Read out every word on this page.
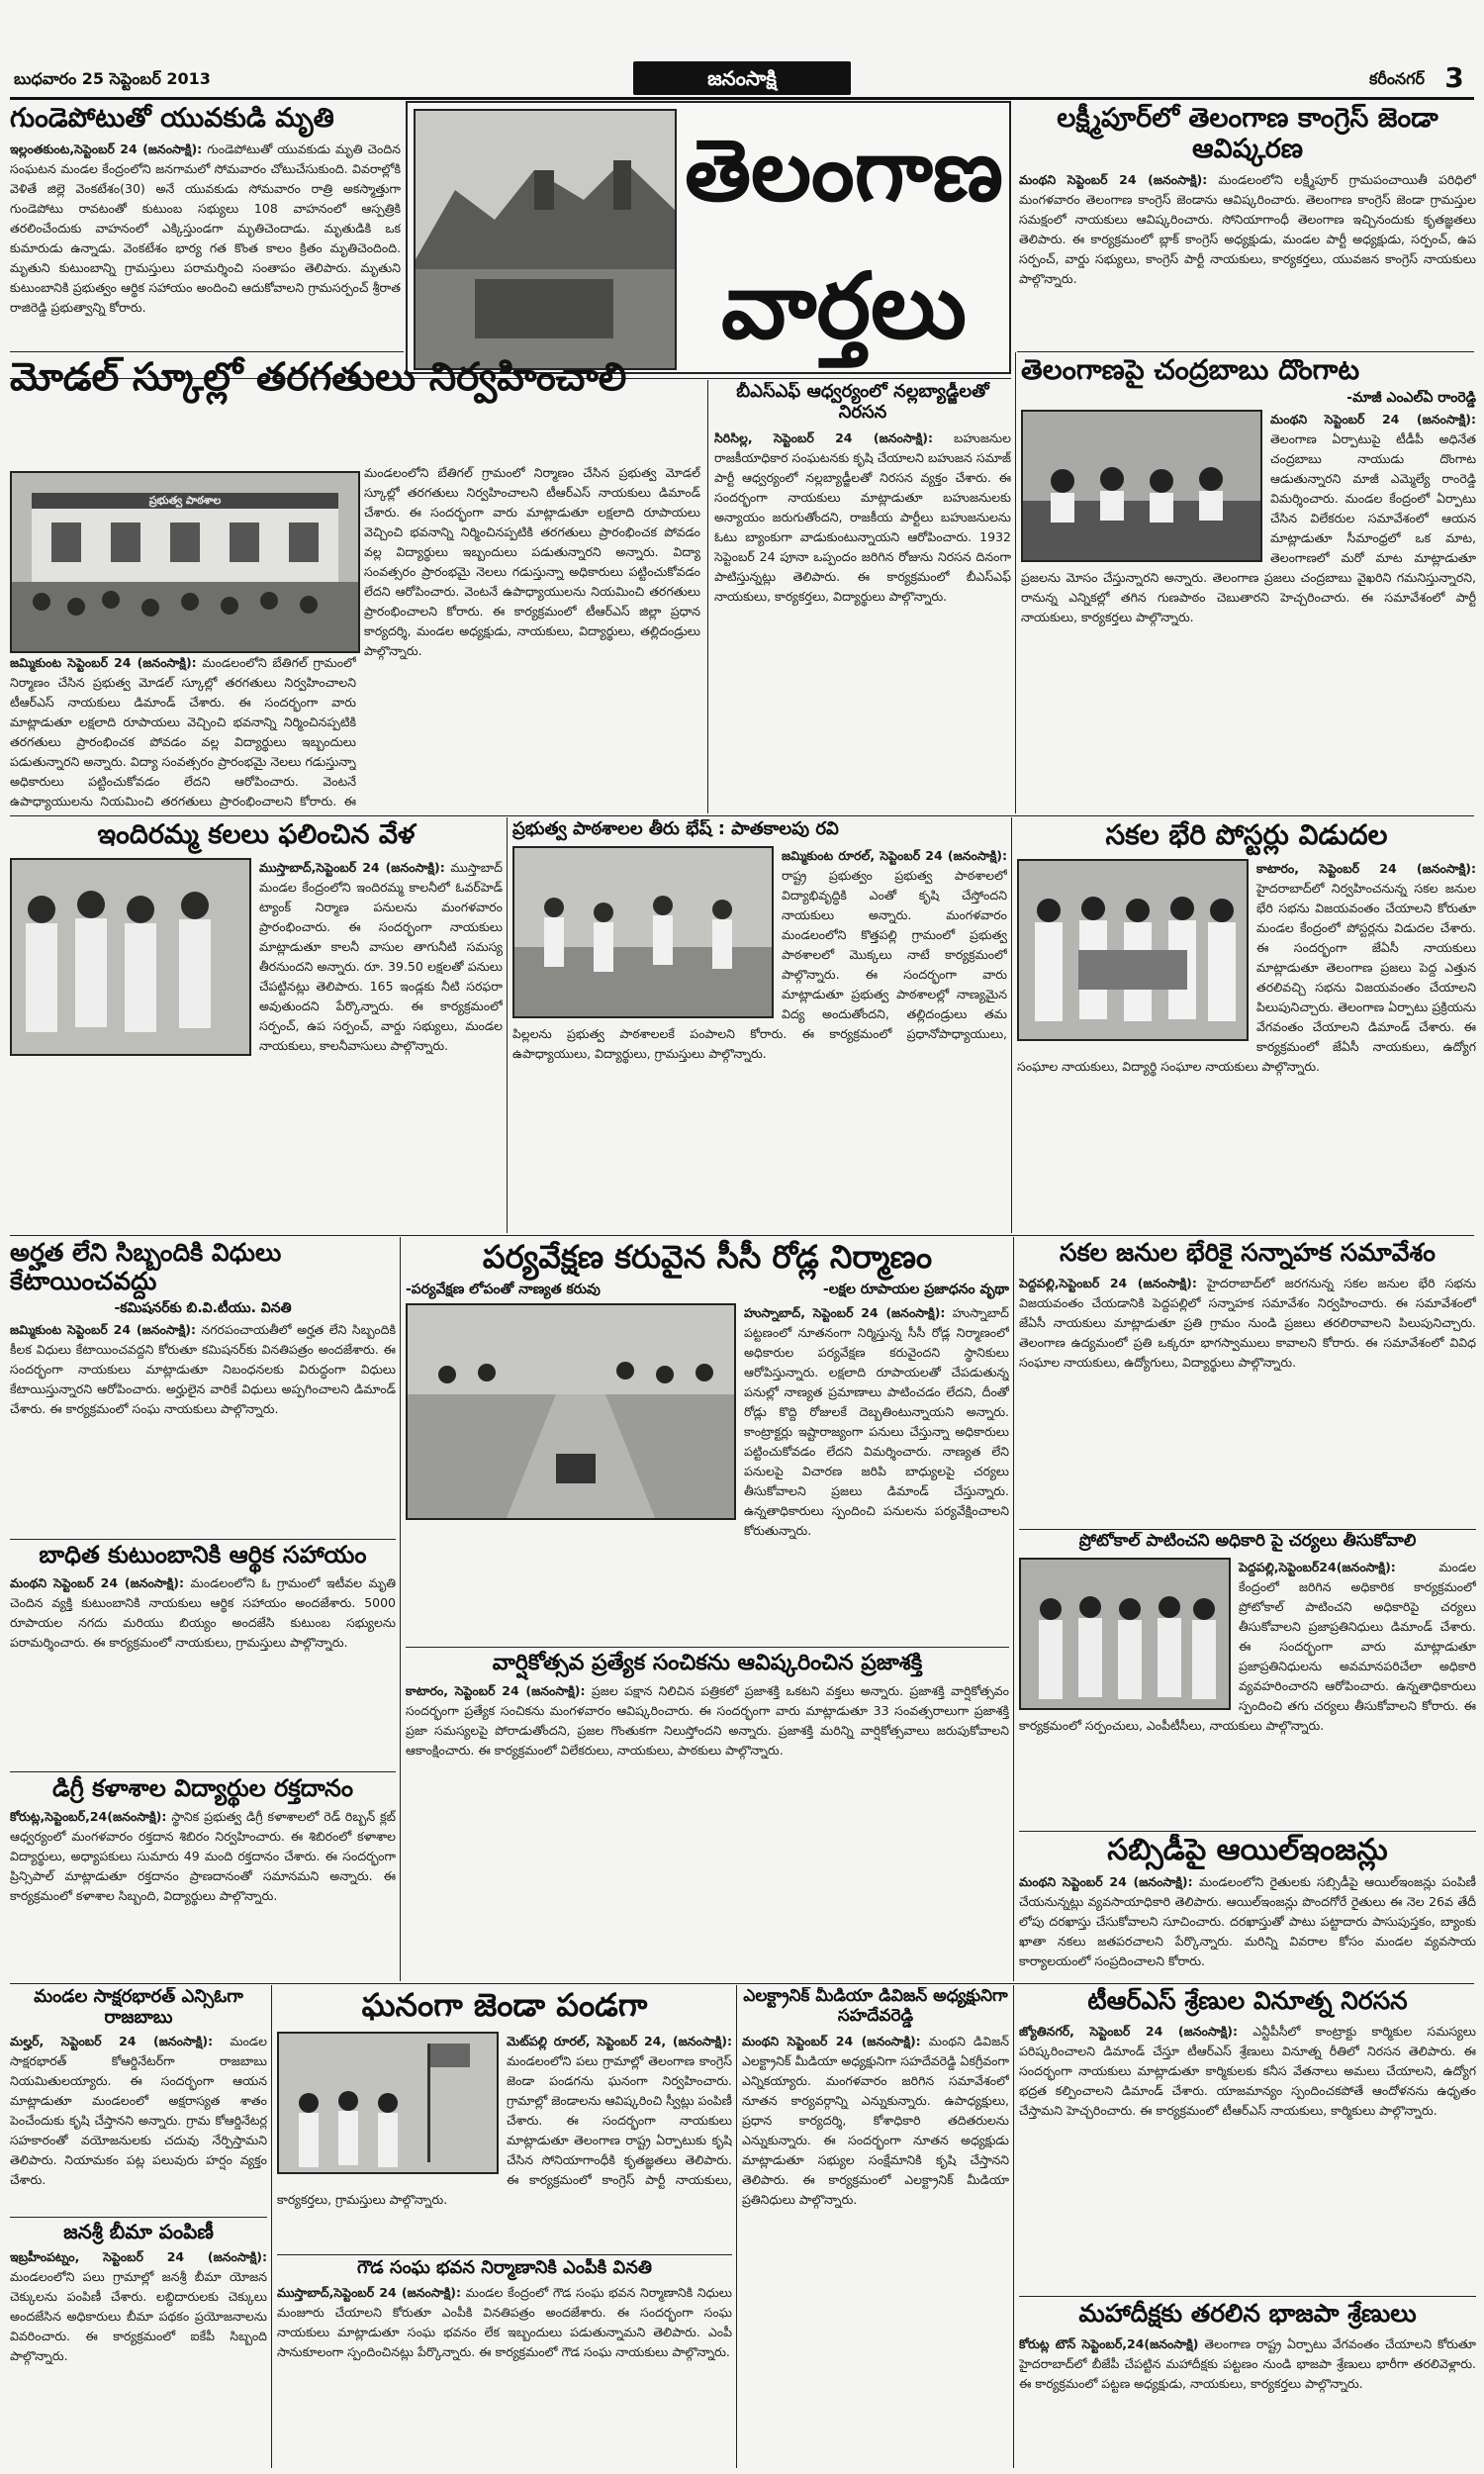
బుధవారం 25 సెప్టెంబర్ 2013	జనంసాక్షి	కరీంనగర్ 3
గుండెపోటుతో యువకుడి మృతి
ఇల్లంతకుంట,సెప్టెంబర్ 24 (జనంసాక్షి): గుండెపోటుతో యువకుడు మృతి చెందిన సంఘటన మండల కేంద్రంలోని జనగామలో సోమవారం చోటుచేసుకుంది. వివరాల్లోకి వెళితే జిల్లె వెంకటేశం(30) అనే యువకుడు సోమవారం రాత్రి అకస్మాత్తుగా గుండెపోటు రావటంతో కుటుంబ సభ్యులు 108 వాహనంలో ఆస్పత్రికి తరలించేందుకు వాహనంలో ఎక్కిస్తుండగా మృతిచెందాడు. మృతుడికి ఒక కుమారుడు ఉన్నాడు. వెంకటేశం భార్య గత కొంత కాలం క్రితం మృతిచెందింది. మృతుని కుటుంబాన్ని గ్రామస్తులు పరామర్శించి సంతాపం తెలిపారు. మృతుని కుటుంబానికి ప్రభుత్వం ఆర్థిక సహాయం అందించి ఆదుకోవాలని గ్రామసర్పంచ్ శ్రీరాత రాజిరెడ్డి ప్రభుత్వాన్ని కోరారు.
తెలంగాణ
వార్తలు
లక్ష్మీపూర్‌లో తెలంగాణ కాంగ్రెస్ జెండా ఆవిష్కరణ
మంథని సెప్టెంబర్ 24 (జనంసాక్షి): మండలంలోని లక్ష్మీపూర్ గ్రామపంచాయితీ పరిధిలో మంగళవారం తెలంగాణ కాంగ్రెస్ జెండాను ఆవిష్కరించారు. తెలంగాణ కాంగ్రెస్ జెండా గ్రామస్తుల సమక్షంలో నాయకులు ఆవిష్కరించారు. సోనియాగాంధీ తెలంగాణ ఇచ్చినందుకు కృతజ్ఞతలు తెలిపారు. ఈ కార్యక్రమంలో బ్లాక్ కాంగ్రెస్ అధ్యక్షుడు, మండల పార్టీ అధ్యక్షుడు, సర్పంచ్, ఉప సర్పంచ్, వార్డు సభ్యులు, కాంగ్రెస్ పార్టీ నాయకులు, కార్యకర్తలు, యువజన కాంగ్రెస్ నాయకులు పాల్గొన్నారు.
మోడల్ స్కూల్లో తరగతులు నిర్వహించాలి
ప్రభుత్వ పాఠశాల
జమ్మికుంట సెప్టెంబర్ 24 (జనంసాక్షి): మండలంలోని బేతిగల్ గ్రామంలో నిర్మాణం చేసిన ప్రభుత్వ మోడల్ స్కూల్లో తరగతులు నిర్వహించాలని టీఆర్ఎస్ నాయకులు డిమాండ్ చేశారు. ఈ సందర్భంగా వారు మాట్లాడుతూ లక్షలాది రూపాయలు వెచ్చించి భవనాన్ని నిర్మించినప్పటికి తరగతులు ప్రారంభించక పోవడం వల్ల విద్యార్థులు ఇబ్బందులు పడుతున్నారని అన్నారు. విద్యా సంవత్సరం ప్రారంభమై నెలలు గడుస్తున్నా అధికారులు పట్టించుకోవడం లేదని ఆరోపించారు. వెంటనే ఉపాధ్యాయులను నియమించి తరగతులు ప్రారంభించాలని కోరారు. ఈ
మండలంలోని బేతిగల్ గ్రామంలో నిర్మాణం చేసిన ప్రభుత్వ మోడల్ స్కూల్లో తరగతులు నిర్వహించాలని టీఆర్ఎస్ నాయకులు డిమాండ్ చేశారు. ఈ సందర్భంగా వారు మాట్లాడుతూ లక్షలాది రూపాయలు వెచ్చించి భవనాన్ని నిర్మించినప్పటికి తరగతులు ప్రారంభించక పోవడం వల్ల విద్యార్థులు ఇబ్బందులు పడుతున్నారని అన్నారు. విద్యా సంవత్సరం ప్రారంభమై నెలలు గడుస్తున్నా అధికారులు పట్టించుకోవడం లేదని ఆరోపించారు. వెంటనే ఉపాధ్యాయులను నియమించి తరగతులు ప్రారంభించాలని కోరారు. ఈ కార్యక్రమంలో టీఆర్ఎస్ జిల్లా ప్రధాన కార్యదర్శి, మండల అధ్యక్షుడు, నాయకులు, విద్యార్థులు, తల్లిదండ్రులు పాల్గొన్నారు.
బీఎస్ఎఫ్ ఆధ్వర్యంలో నల్లబ్యాడ్జీలతో నిరసన
సిరిసిల్ల, సెప్టెంబర్ 24 (జనంసాక్షి): బహుజనుల రాజకీయాధికార సంఘటనకు కృషి చేయాలని బహుజన సమాజ్ పార్టీ ఆధ్వర్యంలో నల్లబ్యాడ్జీలతో నిరసన వ్యక్తం చేశారు. ఈ సందర్భంగా నాయకులు మాట్లాడుతూ బహుజనులకు అన్యాయం జరుగుతోందని, రాజకీయ పార్టీలు బహుజనులను ఓటు బ్యాంకుగా వాడుకుంటున్నాయని ఆరోపించారు. 1932 సెప్టెంబర్ 24 పూనా ఒప్పందం జరిగిన రోజును నిరసన దినంగా పాటిస్తున్నట్లు తెలిపారు. ఈ కార్యక్రమంలో బీఎస్ఎఫ్ నాయకులు, కార్యకర్తలు, విద్యార్థులు పాల్గొన్నారు.
తెలంగాణపై చంద్రబాబు దొంగాట
-మాజీ ఎంఎల్ఏ రాంరెడ్డి
మంథని సెప్టెంబర్ 24 (జనంసాక్షి): తెలంగాణ ఏర్పాటుపై టీడీపీ అధినేత చంద్రబాబు నాయుడు దొంగాట ఆడుతున్నారని మాజీ ఎమ్మెల్యే రాంరెడ్డి విమర్శించారు. మండల కేంద్రంలో ఏర్పాటు చేసిన విలేకరుల సమావేశంలో ఆయన మాట్లాడుతూ సీమాంధ్రలో ఒక మాట, తెలంగాణలో మరో మాట మాట్లాడుతూ ప్రజలను మోసం చేస్తున్నారని అన్నారు. తెలంగాణ ప్రజలు చంద్రబాబు వైఖరిని గమనిస్తున్నారని, రానున్న ఎన్నికల్లో తగిన గుణపాఠం చెబుతారని హెచ్చరించారు. ఈ సమావేశంలో పార్టీ నాయకులు, కార్యకర్తలు పాల్గొన్నారు.
ఇందిరమ్మ కలలు ఫలించిన వేళ
ముస్తాబాద్,సెప్టెంబర్ 24 (జనంసాక్షి): ముస్తాబాద్ మండల కేంద్రంలోని ఇందిరమ్మ కాలనీలో ఓవర్‌హెడ్ ట్యాంక్ నిర్మాణ పనులను మంగళవారం ప్రారంభించారు. ఈ సందర్భంగా నాయకులు మాట్లాడుతూ కాలనీ వాసుల తాగునీటి సమస్య తీరనుందని అన్నారు. రూ. 39.50 లక్షలతో పనులు చేపట్టినట్లు తెలిపారు. 165 ఇండ్లకు నీటి సరఫరా అవుతుందని పేర్కొన్నారు. ఈ కార్యక్రమంలో సర్పంచ్, ఉప సర్పంచ్, వార్డు సభ్యులు, మండల నాయకులు, కాలనీవాసులు పాల్గొన్నారు.
ప్రభుత్వ పాఠశాలల తీరు భేష్ : పాతకాలపు రవి
జమ్మికుంట రూరల్, సెప్టెంబర్ 24 (జనంసాక్షి): రాష్ట్ర ప్రభుత్వం ప్రభుత్వ పాఠశాలలో విద్యాభివృద్ధికి ఎంతో కృషి చేస్తోందని నాయకులు అన్నారు. మంగళవారం మండలంలోని కొత్తపల్లి గ్రామంలో ప్రభుత్వ పాఠశాలలో మొక్కలు నాటే కార్యక్రమంలో పాల్గొన్నారు. ఈ సందర్భంగా వారు మాట్లాడుతూ ప్రభుత్వ పాఠశాలల్లో నాణ్యమైన విద్య అందుతోందని, తల్లిదండ్రులు తమ పిల్లలను ప్రభుత్వ పాఠశాలలకే పంపాలని కోరారు. ఈ కార్యక్రమంలో ప్రధానోపాధ్యాయులు, ఉపాధ్యాయులు, విద్యార్థులు, గ్రామస్తులు పాల్గొన్నారు.
సకల భేరి పోస్టర్లు విడుదల
కాటారం, సెప్టెంబర్ 24 (జనంసాక్షి): హైదరాబాద్‌లో నిర్వహించనున్న సకల జనుల భేరి సభను విజయవంతం చేయాలని కోరుతూ మండల కేంద్రంలో పోస్టర్లను విడుదల చేశారు. ఈ సందర్భంగా జేఏసీ నాయకులు మాట్లాడుతూ తెలంగాణ ప్రజలు పెద్ద ఎత్తున తరలివచ్చి సభను విజయవంతం చేయాలని పిలుపునిచ్చారు. తెలంగాణ ఏర్పాటు ప్రక్రియను వేగవంతం చేయాలని డిమాండ్ చేశారు. ఈ కార్యక్రమంలో జేఏసీ నాయకులు, ఉద్యోగ సంఘాల నాయకులు, విద్యార్థి సంఘాల నాయకులు పాల్గొన్నారు.
అర్హత లేని సిబ్బందికి విధులు కేటాయించవద్దు
-కమిషనర్‌కు బి.వి.టీయు. వినతి
జమ్మికుంట సెప్టెంబర్ 24 (జనంసాక్షి): నగరపంచాయతీలో అర్హత లేని సిబ్బందికి కీలక విధులు కేటాయించవద్దని కోరుతూ కమిషనర్‌కు వినతిపత్రం అందజేశారు. ఈ సందర్భంగా నాయకులు మాట్లాడుతూ నిబంధనలకు విరుద్ధంగా విధులు కేటాయిస్తున్నారని ఆరోపించారు. అర్హులైన వారికే విధులు అప్పగించాలని డిమాండ్ చేశారు. ఈ కార్యక్రమంలో సంఘ నాయకులు పాల్గొన్నారు.
బాధిత కుటుంబానికి ఆర్థిక సహాయం
మంథని సెప్టెంబర్ 24 (జనంసాక్షి): మండలంలోని ఓ గ్రామంలో ఇటీవల మృతి చెందిన వ్యక్తి కుటుంబానికి నాయకులు ఆర్థిక సహాయం అందజేశారు. 5000 రూపాయల నగదు మరియు బియ్యం అందజేసి కుటుంబ సభ్యులను పరామర్శించారు. ఈ కార్యక్రమంలో నాయకులు, గ్రామస్తులు పాల్గొన్నారు.
డిగ్రీ కళాశాల విద్యార్థుల రక్తదానం
కోరుట్ల,సెప్టెంబర్,24(జనంసాక్షి): స్థానిక ప్రభుత్వ డిగ్రీ కళాశాలలో రెడ్ రిబ్బన్ క్లబ్ ఆధ్వర్యంలో మంగళవారం రక్తదాన శిబిరం నిర్వహించారు. ఈ శిబిరంలో కళాశాల విద్యార్థులు, అధ్యాపకులు సుమారు 49 మంది రక్తదానం చేశారు. ఈ సందర్భంగా ప్రిన్సిపాల్ మాట్లాడుతూ రక్తదానం ప్రాణదానంతో సమానమని అన్నారు. ఈ కార్యక్రమంలో కళాశాల సిబ్బంది, విద్యార్థులు పాల్గొన్నారు.
పర్యవేక్షణ కరువైన సీసీ రోడ్ల నిర్మాణం
-పర్యవేక్షణ లోపంతో నాణ్యత కరువు	-లక్షల రూపాయల ప్రజాధనం వృథా
హుస్నాబాద్, సెప్టెంబర్ 24 (జనంసాక్షి): హుస్నాబాద్ పట్టణంలో నూతనంగా నిర్మిస్తున్న సీసీ రోడ్ల నిర్మాణంలో అధికారుల పర్యవేక్షణ కరువైందని స్థానికులు ఆరోపిస్తున్నారు. లక్షలాది రూపాయలతో చేపడుతున్న పనుల్లో నాణ్యత ప్రమాణాలు పాటించడం లేదని, దీంతో రోడ్లు కొద్ది రోజులకే దెబ్బతింటున్నాయని అన్నారు. కాంట్రాక్టర్లు ఇష్టారాజ్యంగా పనులు చేస్తున్నా అధికారులు పట్టించుకోవడం లేదని విమర్శించారు. నాణ్యత లేని పనులపై విచారణ జరిపి బాధ్యులపై చర్యలు తీసుకోవాలని ప్రజలు డిమాండ్ చేస్తున్నారు. ఉన్నతాధికారులు స్పందించి పనులను పర్యవేక్షించాలని కోరుతున్నారు.
వార్షికోత్సవ ప్రత్యేక సంచికను ఆవిష్కరించిన ప్రజాశక్తి
కాటారం, సెప్టెంబర్ 24 (జనంసాక్షి): ప్రజల పక్షాన నిలిచిన పత్రికలో ప్రజాశక్తి ఒకటని వక్తలు అన్నారు. ప్రజాశక్తి వార్షికోత్సవం సందర్భంగా ప్రత్యేక సంచికను మంగళవారం ఆవిష్కరించారు. ఈ సందర్భంగా వారు మాట్లాడుతూ 33 సంవత్సరాలుగా ప్రజాశక్తి ప్రజా సమస్యలపై పోరాడుతోందని, ప్రజల గొంతుకగా నిలుస్తోందని అన్నారు. ప్రజాశక్తి మరిన్ని వార్షికోత్సవాలు జరుపుకోవాలని ఆకాంక్షించారు. ఈ కార్యక్రమంలో విలేకరులు, నాయకులు, పాఠకులు పాల్గొన్నారు.
సకల జనుల భేరికై సన్నాహక సమావేశం
పెద్దపల్లి,సెప్టెంబర్ 24 (జనంసాక్షి): హైదరాబాద్‌లో జరగనున్న సకల జనుల భేరి సభను విజయవంతం చేయడానికి పెద్దపల్లిలో సన్నాహక సమావేశం నిర్వహించారు. ఈ సమావేశంలో జేఏసీ నాయకులు మాట్లాడుతూ ప్రతి గ్రామం నుండి ప్రజలు తరలిరావాలని పిలుపునిచ్చారు. తెలంగాణ ఉద్యమంలో ప్రతి ఒక్కరూ భాగస్వాములు కావాలని కోరారు. ఈ సమావేశంలో వివిధ సంఘాల నాయకులు, ఉద్యోగులు, విద్యార్థులు పాల్గొన్నారు.
ప్రోటోకాల్ పాటించని అధికారి పై చర్యలు తీసుకోవాలి
పెద్దపల్లి,సెప్టెంబర్24(జనంసాక్షి):	మండల కేంద్రంలో జరిగిన అధికారిక కార్యక్రమంలో ప్రోటోకాల్ పాటించని అధికారిపై చర్యలు తీసుకోవాలని ప్రజాప్రతినిధులు డిమాండ్ చేశారు. ఈ సందర్భంగా వారు మాట్లాడుతూ ప్రజాప్రతినిధులను అవమానపరిచేలా అధికారి వ్యవహరించారని ఆరోపించారు. ఉన్నతాధికారులు స్పందించి తగు చర్యలు తీసుకోవాలని కోరారు. ఈ కార్యక్రమంలో సర్పంచులు, ఎంపీటీసీలు, నాయకులు పాల్గొన్నారు.
సబ్సిడీపై ఆయిల్ఇంజన్లు
మంథని సెప్టెంబర్ 24 (జనంసాక్షి): మండలంలోని రైతులకు సబ్సిడీపై ఆయిల్ఇంజన్లు పంపిణీ చేయనున్నట్లు వ్యవసాయాధికారి తెలిపారు. ఆయిల్ఇంజన్లు పొందగోరే రైతులు ఈ నెల 26వ తేదీ లోపు దరఖాస్తు చేసుకోవాలని సూచించారు. దరఖాస్తుతో పాటు పట్టాదారు పాసుపుస్తకం, బ్యాంకు ఖాతా నకలు జతపరచాలని పేర్కొన్నారు. మరిన్ని వివరాల కోసం మండల వ్యవసాయ కార్యాలయంలో సంప్రదించాలని కోరారు.
మండల సాక్షరభారత్ ఎన్సిఓగా రాజబాబు
మల్హర్, సెప్టెంబర్ 24 (జనంసాక్షి): మండల సాక్షరభారత్ కోఆర్డినేటర్‌గా రాజబాబు నియమితులయ్యారు. ఈ సందర్భంగా ఆయన మాట్లాడుతూ మండలంలో అక్షరాస్యత శాతం పెంచేందుకు కృషి చేస్తానని అన్నారు. గ్రామ కోఆర్డినేటర్ల సహకారంతో వయోజనులకు చదువు నేర్పిస్తామని తెలిపారు. నియామకం పట్ల పలువురు హర్షం వ్యక్తం చేశారు.
జనశ్రీ బీమా పంపిణీ
ఇబ్రహీంపట్నం, సెప్టెంబర్ 24 (జనంసాక్షి): మండలంలోని పలు గ్రామాల్లో జనశ్రీ బీమా యోజన చెక్కులను పంపిణీ చేశారు. లబ్ధిదారులకు చెక్కులు అందజేసిన అధికారులు బీమా పథకం ప్రయోజనాలను వివరించారు. ఈ కార్యక్రమంలో ఐకేపీ సిబ్బంది పాల్గొన్నారు.
ఘనంగా జెండా పండగా
మెట్‌పల్లి రూరల్, సెప్టెంబర్ 24, (జనంసాక్షి): మండలంలోని పలు గ్రామాల్లో తెలంగాణ కాంగ్రెస్ జెండా పండగను ఘనంగా నిర్వహించారు. గ్రామాల్లో జెండాలను ఆవిష్కరించి స్వీట్లు పంపిణీ చేశారు. ఈ సందర్భంగా నాయకులు మాట్లాడుతూ తెలంగాణ రాష్ట్ర ఏర్పాటుకు కృషి చేసిన సోనియాగాంధీకి కృతజ్ఞతలు తెలిపారు. ఈ కార్యక్రమంలో కాంగ్రెస్ పార్టీ నాయకులు, కార్యకర్తలు, గ్రామస్తులు పాల్గొన్నారు.
గౌడ సంఘ భవన నిర్మాణానికి ఎంపీకి వినతి
ముస్తాబాద్,సెప్టెంబర్ 24 (జనంసాక్షి): మండల కేంద్రంలో గౌడ సంఘ భవన నిర్మాణానికి నిధులు మంజూరు చేయాలని కోరుతూ ఎంపీకి వినతిపత్రం అందజేశారు. ఈ సందర్భంగా సంఘ నాయకులు మాట్లాడుతూ సంఘ భవనం లేక ఇబ్బందులు పడుతున్నామని తెలిపారు. ఎంపీ సానుకూలంగా స్పందించినట్లు పేర్కొన్నారు. ఈ కార్యక్రమంలో గౌడ సంఘ నాయకులు పాల్గొన్నారు.
ఎలక్ట్రానిక్ మీడియా డివిజన్ అధ్యక్షునిగా సహదేవరెడ్డి
మంథని సెప్టెంబర్ 24 (జనంసాక్షి): మంథని డివిజన్ ఎలక్ట్రానిక్ మీడియా అధ్యక్షునిగా సహదేవరెడ్డి ఏకగ్రీవంగా ఎన్నికయ్యారు. మంగళవారం జరిగిన సమావేశంలో నూతన కార్యవర్గాన్ని ఎన్నుకున్నారు. ఉపాధ్యక్షులు, ప్రధాన కార్యదర్శి, కోశాధికారి తదితరులను ఎన్నుకున్నారు. ఈ సందర్భంగా నూతన అధ్యక్షుడు మాట్లాడుతూ సభ్యుల సంక్షేమానికి కృషి చేస్తానని తెలిపారు. ఈ కార్యక్రమంలో ఎలక్ట్రానిక్ మీడియా ప్రతినిధులు పాల్గొన్నారు.
టీఆర్ఎస్ శ్రేణుల వినూత్న నిరసన
జ్యోతినగర్, సెప్టెంబర్ 24 (జనంసాక్షి): ఎన్టీపీసీలో కాంట్రాక్టు కార్మికుల సమస్యలు పరిష్కరించాలని డిమాండ్ చేస్తూ టీఆర్ఎస్ శ్రేణులు వినూత్న రీతిలో నిరసన తెలిపారు. ఈ సందర్భంగా నాయకులు మాట్లాడుతూ కార్మికులకు కనీస వేతనాలు అమలు చేయాలని, ఉద్యోగ భద్రత కల్పించాలని డిమాండ్ చేశారు. యాజమాన్యం స్పందించకపోతే ఆందోళనను ఉధృతం చేస్తామని హెచ్చరించారు. ఈ కార్యక్రమంలో టీఆర్ఎస్ నాయకులు, కార్మికులు పాల్గొన్నారు.
మహాదీక్షకు తరలిన భాజపా శ్రేణులు
కోరుట్ల టౌన్ సెప్టెంబర్,24(జనంసాక్షి) తెలంగాణ రాష్ట్ర ఏర్పాటు వేగవంతం చేయాలని కోరుతూ హైదరాబాద్‌లో బీజేపీ చేపట్టిన మహాదీక్షకు పట్టణం నుండి భాజపా శ్రేణులు భారీగా తరలివెళ్లారు. ఈ కార్యక్రమంలో పట్టణ అధ్యక్షుడు, నాయకులు, కార్యకర్తలు పాల్గొన్నారు.
